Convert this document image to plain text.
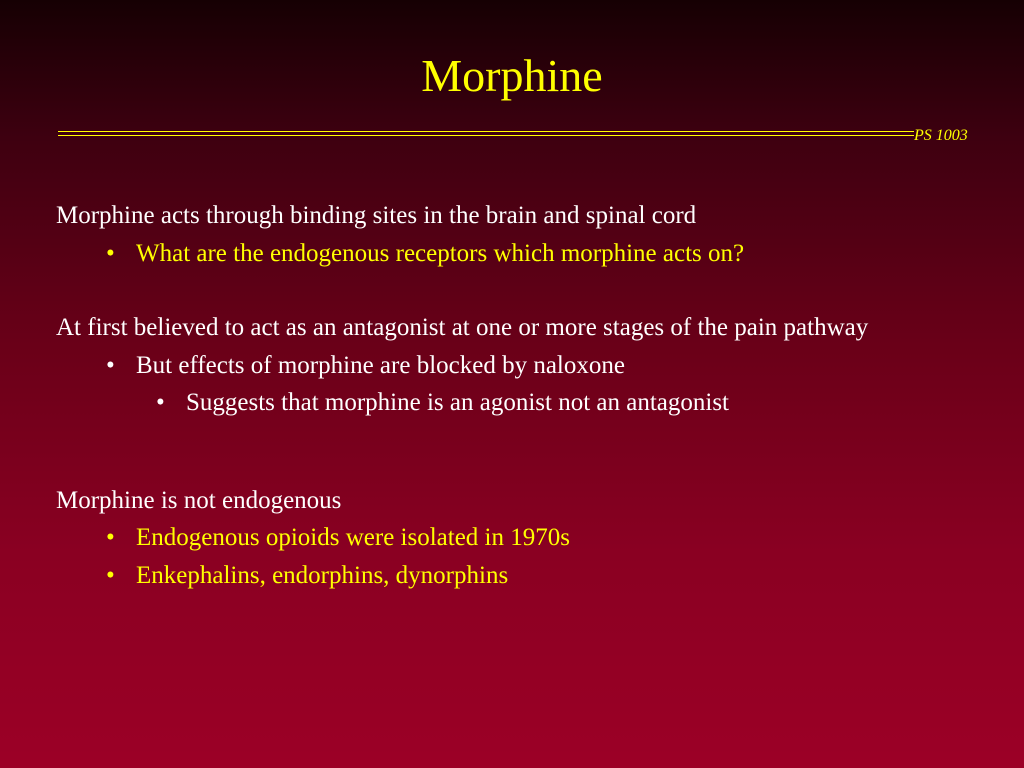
Morphine
PS 1003

Morphine acts through binding sites in the brain and spinal cord

• What are the endogenous receptors which morphine acts on?

At first believed to act as an antagonist at one or more stages of the pain pathway

• But effects of morphine are blocked by naloxone

• Suggests that morphine is an agonist not an antagonist

Morphine is not endogenous

• Endogenous opioids were isolated in 1970s

• Enkephalins, endorphins, dynorphins
